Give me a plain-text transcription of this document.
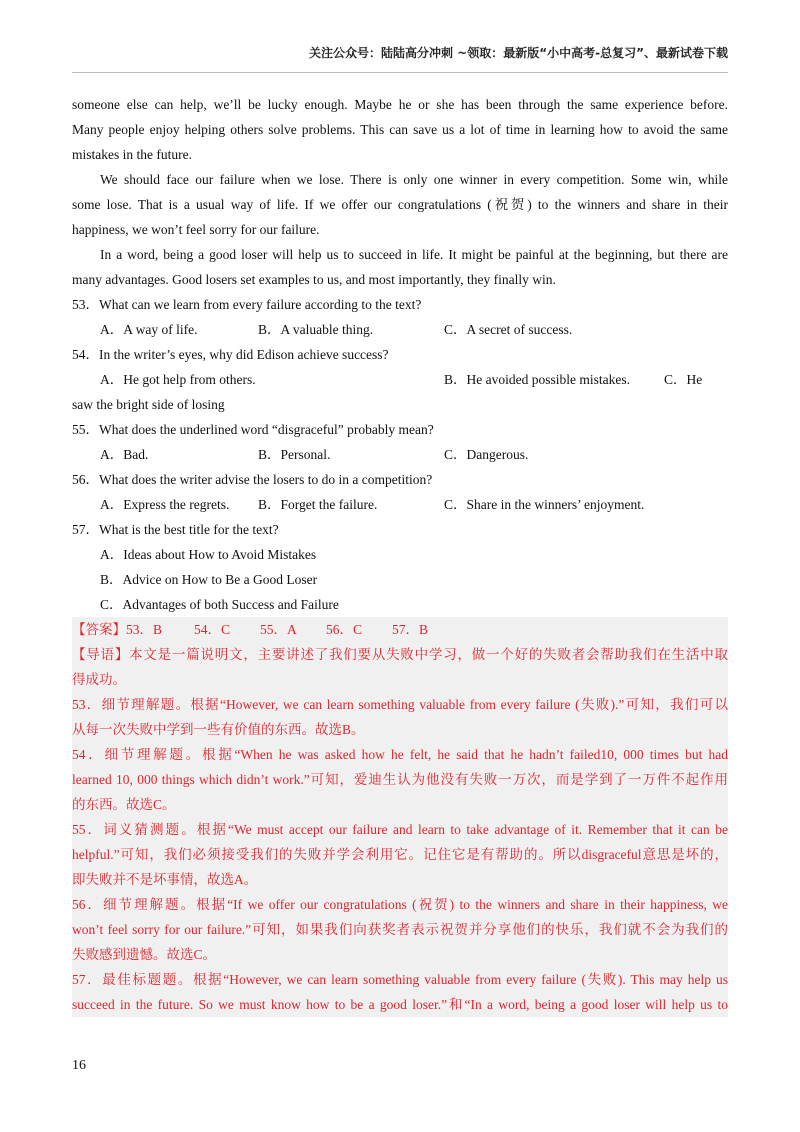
关注公众号：陆陆高分冲刺 ~领取：最新版“小中高考-总复习”、最新试卷下载
someone else can help, we’ll be lucky enough. Maybe he or she has been through the same experience before.
Many people enjoy helping others solve problems. This can save us a lot of time in learning how to avoid the same
mistakes in the future.
We should face our failure when we lose. There is only one winner in every competition. Some win, while
some lose. That is a usual way of life. If we offer our congratulations (祝贺) to the winners and share in their
happiness, we won’t feel sorry for our failure.
In a word, being a good loser will help us to succeed in life. It might be painful at the beginning, but there are
many advantages. Good losers set examples to us, and most importantly, they finally win.
53．What can we learn from every failure according to the text?
A．A way of life.	B．A valuable thing.	C．A secret of success.
54．In the writer’s eyes, why did Edison achieve success?
A．He got help from others.	B．He avoided possible mistakes.	C．He
saw the bright side of losing
55．What does the underlined word “disgraceful” probably mean?
A．Bad.	B．Personal.	C．Dangerous.
56．What does the writer advise the losers to do in a competition?
A．Express the regrets. B．Forget the failure.	C．Share in the winners’ enjoyment.
57．What is the best title for the text?
A．Ideas about How to Avoid Mistakes
B．Advice on How to Be a Good Loser
C．Advantages of both Success and Failure
【答案】53．B 54．C 55．A 56．C 57．B
【导语】本文是一篇说明文，主要讲述了我们要从失败中学习，做一个好的失败者会帮助我们在生活中取
得成功。
53．细节理解题。根据“However, we can learn something valuable from every failure (失败).”可知，我们可以
从每一次失败中学到一些有价值的东西。故选B。
54．细节理解题。根据“When he was asked how he felt, he said that he hadn’t failed10, 000 times but had
learned 10, 000 things which didn’t work.”可知，爱迪生认为他没有失败一万次，而是学到了一万件不起作用
的东西。故选C。
55．词义猜测题。根据“We must accept our failure and learn to take advantage of it. Remember that it can be
helpful.”可知，我们必须接受我们的失败并学会利用它。记住它是有帮助的。所以disgraceful意思是坏的，
即失败并不是坏事情，故选A。
56．细节理解题。根据“If we offer our congratulations (祝贺) to the winners and share in their happiness, we
won’t feel sorry for our failure.”可知，如果我们向获奖者表示祝贺并分享他们的快乐，我们就不会为我们的
失败感到遗憾。故选C。
57．最佳标题题。根据“However, we can learn something valuable from every failure (失败). This may help us
succeed in the future. So we must know how to be a good loser.”和“In a word, being a good loser will help us to
16
